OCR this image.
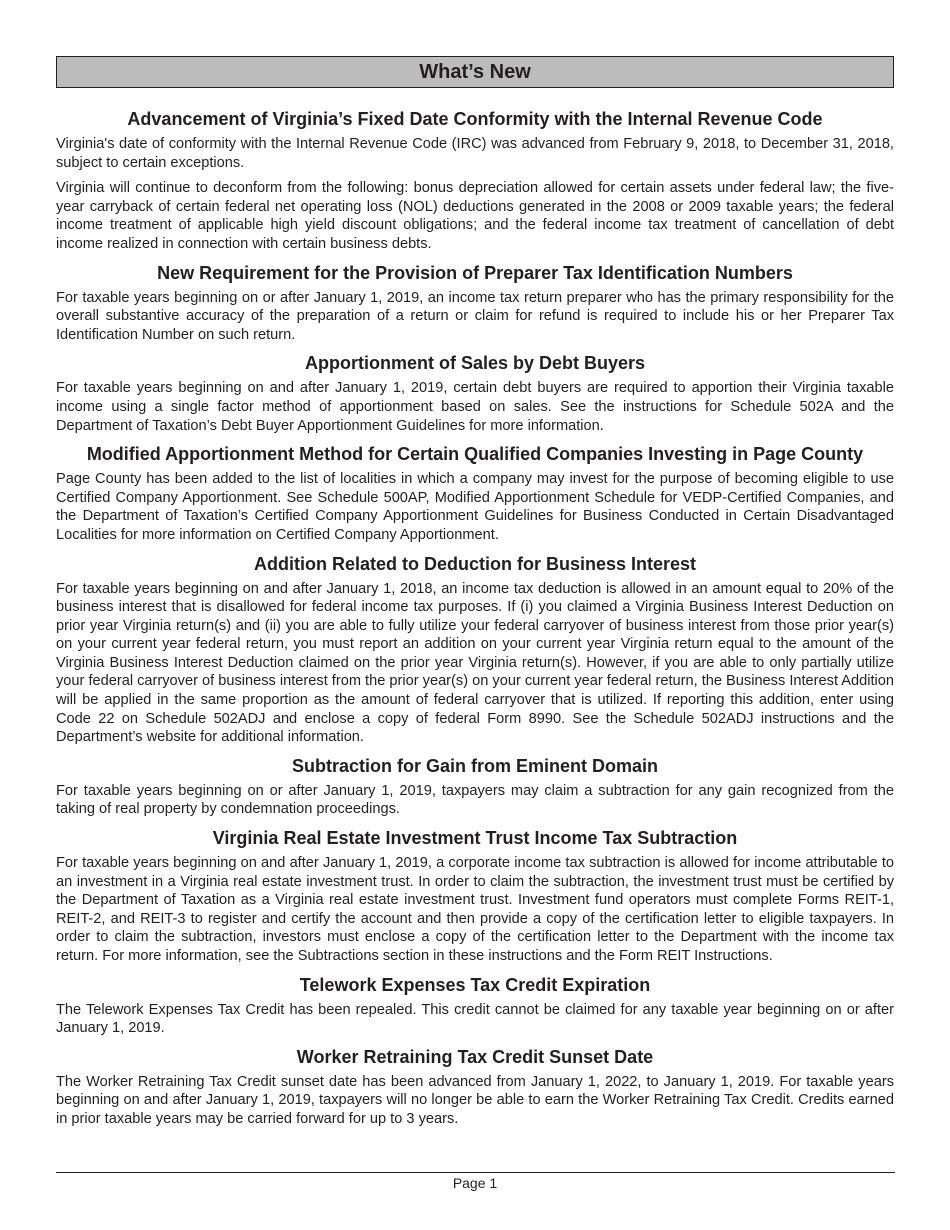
What’s New
Advancement of Virginia’s Fixed Date Conformity with the Internal Revenue Code

Virginia's date of conformity with the Internal Revenue Code (IRC) was advanced from February 9, 2018, to December 31, 2018, subject to certain exceptions.

Virginia will continue to deconform from the following: bonus depreciation allowed for certain assets under federal law; the five-year carryback of certain federal net operating loss (NOL) deductions generated in the 2008 or 2009 taxable years; the federal income treatment of applicable high yield discount obligations; and the federal income tax treatment of cancellation of debt income realized in connection with certain business debts.

New Requirement for the Provision of Preparer Tax Identification Numbers

For taxable years beginning on or after January 1, 2019, an income tax return preparer who has the primary responsibility for the overall substantive accuracy of the preparation of a return or claim for refund is required to include his or her Preparer Tax Identification Number on such return.

Apportionment of Sales by Debt Buyers

For taxable years beginning on and after January 1, 2019, certain debt buyers are required to apportion their Virginia taxable income using a single factor method of apportionment based on sales. See the instructions for Schedule 502A and the Department of Taxation’s Debt Buyer Apportionment Guidelines for more information.

Modified Apportionment Method for Certain Qualified Companies Investing in Page County

Page County has been added to the list of localities in which a company may invest for the purpose of becoming eligible to use Certified Company Apportionment. See Schedule 500AP, Modified Apportionment Schedule for VEDP-Certified Companies, and the Department of Taxation’s Certified Company Apportionment Guidelines for Business Conducted in Certain Disadvantaged Localities for more information on Certified Company Apportionment.

Addition Related to Deduction for Business Interest

For taxable years beginning on and after January 1, 2018, an income tax deduction is allowed in an amount equal to 20% of the business interest that is disallowed for federal income tax purposes. If (i) you claimed a Virginia Business Interest Deduction on prior year Virginia return(s) and (ii) you are able to fully utilize your federal carryover of business interest from those prior year(s) on your current year federal return, you must report an addition on your current year Virginia return equal to the amount of the Virginia Business Interest Deduction claimed on the prior year Virginia return(s). However, if you are able to only partially utilize your federal carryover of business interest from the prior year(s) on your current year federal return, the Business Interest Addition will be applied in the same proportion as the amount of federal carryover that is utilized. If reporting this addition, enter using Code 22 on Schedule 502ADJ and enclose a copy of federal Form 8990. See the Schedule 502ADJ instructions and the Department’s website for additional information.

Subtraction for Gain from Eminent Domain

For taxable years beginning on or after January 1, 2019, taxpayers may claim a subtraction for any gain recognized from the taking of real property by condemnation proceedings.

Virginia Real Estate Investment Trust Income Tax Subtraction

For taxable years beginning on and after January 1, 2019, a corporate income tax subtraction is allowed for income attributable to an investment in a Virginia real estate investment trust. In order to claim the subtraction, the investment trust must be certified by the Department of Taxation as a Virginia real estate investment trust. Investment fund operators must complete Forms REIT-1, REIT-2, and REIT-3 to register and certify the account and then provide a copy of the certification letter to eligible taxpayers. In order to claim the subtraction, investors must enclose a copy of the certification letter to the Department with the income tax return. For more information, see the Subtractions section in these instructions and the Form REIT Instructions.

Telework Expenses Tax Credit Expiration

The Telework Expenses Tax Credit has been repealed. This credit cannot be claimed for any taxable year beginning on or after January 1, 2019.

Worker Retraining Tax Credit Sunset Date

The Worker Retraining Tax Credit sunset date has been advanced from January 1, 2022, to January 1, 2019. For taxable years beginning on and after January 1, 2019, taxpayers will no longer be able to earn the Worker Retraining Tax Credit. Credits earned in prior taxable years may be carried forward for up to 3 years.

Page 1
